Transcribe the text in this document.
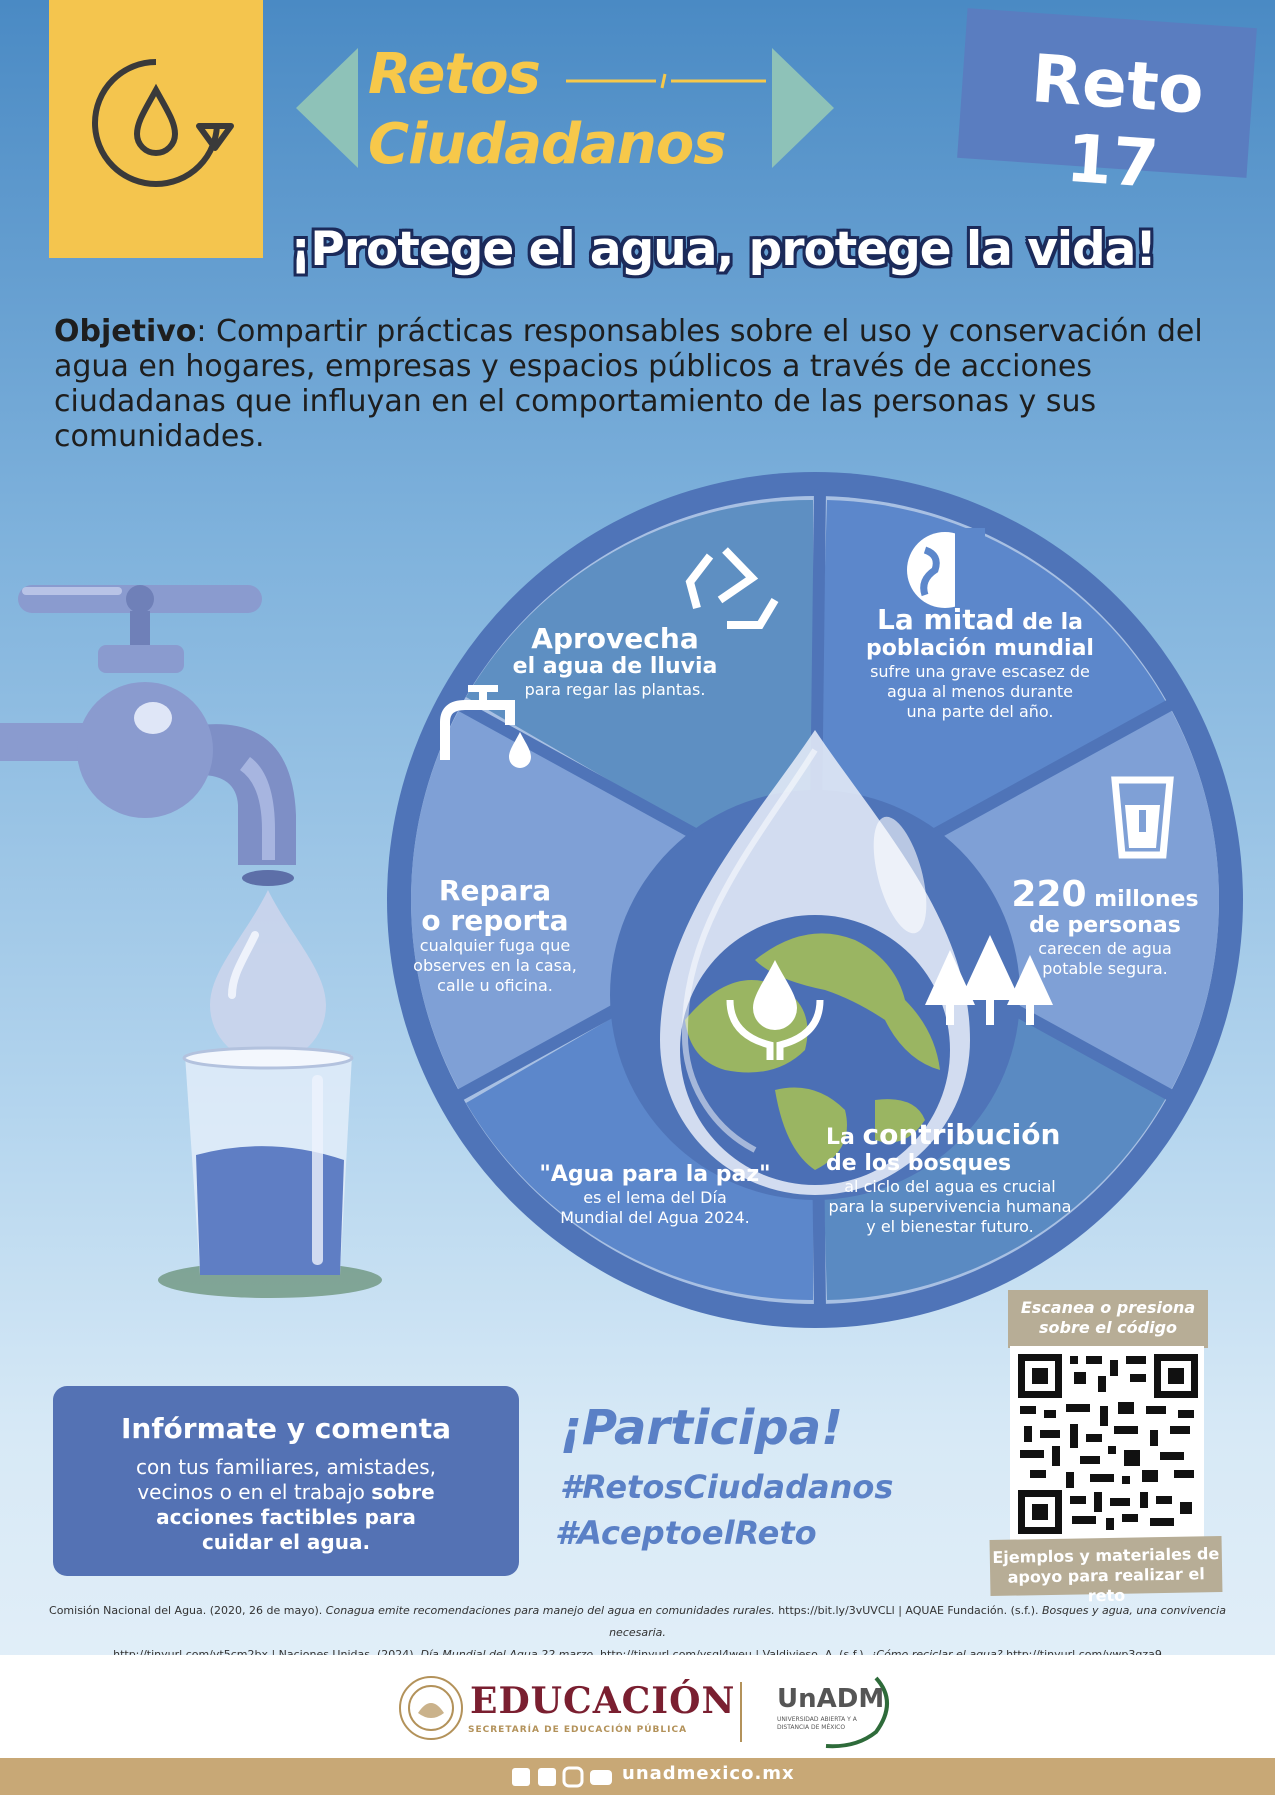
Retos
Ciudadanos
Reto 17
¡Protege el agua, protege la vida!
Objetivo: Compartir prácticas responsables sobre el uso y conservación del agua en hogares, empresas y espacios públicos a través de acciones ciudadanas que influyan en el comportamiento de las personas y sus comunidades.
Aprovecha
el agua de lluvia
para regar las plantas.
La mitad de la
población mundial
sufre una grave escasez de
agua al menos durante
una parte del año.
220 millones
de personas
carecen de agua
potable segura.
La contribución
de los bosques
al ciclo del agua es crucial
para la supervivencia humana
y el bienestar futuro.
"Agua para la paz"
es el lema del Día
Mundial del Agua 2024.
Repara
o reporta
cualquier fuga que
observes en la casa,
calle u oficina.
Infórmate y comenta
con tus familiares, amistades,
vecinos o en el trabajo sobre
acciones factibles para
cuidar el agua.
¡Participa!
#RetosCiudadanos
#AceptoelReto
Escanea o presiona
sobre el código
Ejemplos y materiales de
apoyo para realizar el reto
Comisión Nacional del Agua. (2020, 26 de mayo). Conagua emite recomendaciones para manejo del agua en comunidades rurales. https://bit.ly/3vUVCLl | AQUAE Fundación. (s.f.). Bosques y agua, una convivencia necesaria.
EDUCACIÓN
SECRETARÍA DE EDUCACIÓN PÚBLICA
UnADM
UNIVERSIDAD ABIERTA Y A DISTANCIA DE MÉXICO
unadmexico.mx
